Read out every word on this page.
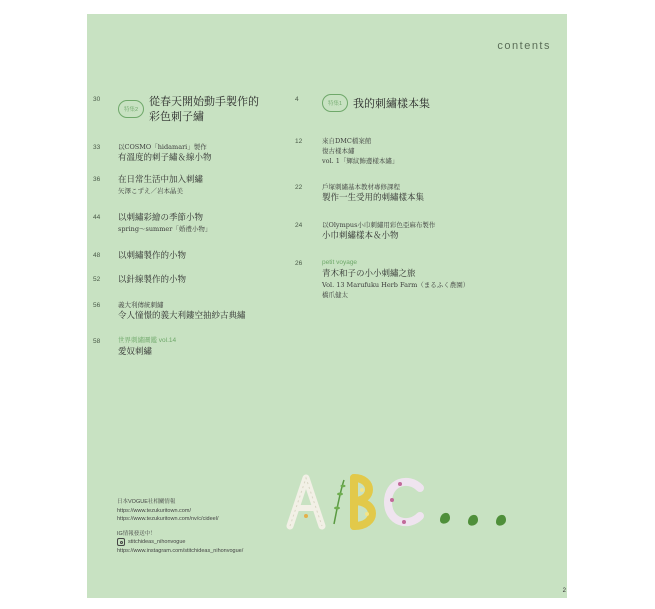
contents
30
特集2
從春天開始動手製作的
彩色刺子繡
33	以COSMO「hidamari」製作
有溫度的刺子繡＆線小物
36	在日常生活中加入刺繡
矢澤こずえ／岩本晶美
44	以刺繡彩繪の季節小物
spring～summer「婚禮小物」
48	以刺繡製作的小物
52	以針線製作的小物
56	義大利傳統刺繡
令人憧憬的義大利鏤空抽紗古典繡
58	世界刺繡圖鑑 vol.14
愛奴刺繡
4
特集1 我的刺繡樣本集
12	來自DMC檔案館
復古樣本繡
vol. 1「輝紋飾邊樣本繡」
22	戶塚刺繡基本教材專修課程
製作一生受用的刺繡樣本集
24	以Olympus小巾刺繡用彩色亞麻布製作
小巾刺繡樣本＆小物
26	petit voyage
青木和子の小小刺繡之旅
Vol. 13 Marufuku Herb Farm（まるふく農園）
橋爪健太
日本VOGUE社相關情報
https://www.tezukuritown.com/
https://www.tezukuritown.com/nv/c/cideel/
IG情報發送中！
stitchideas_nihonvogue
https://www.instagram.com/stitchideas_nihonvogue/
2
